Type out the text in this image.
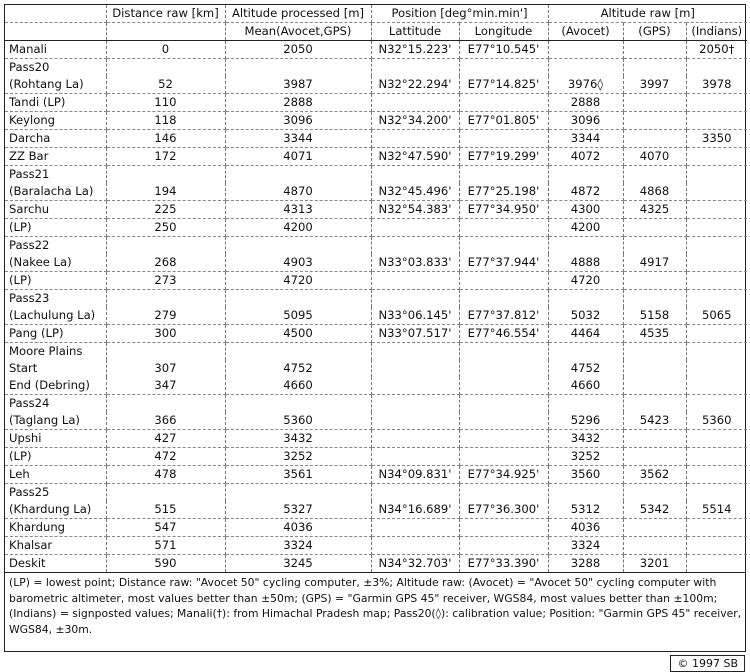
	Distance raw [km]	Altitude processed [m]	Position [deg°min.min']		Altitude raw [m]		
		Mean(Avocet,GPS)	Lattitude	Longitude	(Avocet)	(GPS)	(Indians)
Manali	0	2050	N32°15.223'	E77°10.545'			2050†
Pass20							
(Rohtang La)	52	3987	N32°22.294'	E77°14.825'	3976◊	3997	3978
Tandi (LP)	110	2888			2888		
Keylong	118	3096	N32°34.200'	E77°01.805'	3096		
Darcha	146	3344			3344		3350
ZZ Bar	172	4071	N32°47.590'	E77°19.299'	4072	4070	
Pass21							
(Baralacha La)	194	4870	N32°45.496'	E77°25.198'	4872	4868	
Sarchu	225	4313	N32°54.383'	E77°34.950'	4300	4325	
(LP)	250	4200			4200		
Pass22							
(Nakee La)	268	4903	N33°03.833'	E77°37.944'	4888	4917	
(LP)	273	4720			4720		
Pass23							
(Lachulung La)	279	5095	N33°06.145'	E77°37.812'	5032	5158	5065
Pang (LP)	300	4500	N33°07.517'	E77°46.554'	4464	4535	
Moore Plains							
Start	307	4752			4752		
End (Debring)	347	4660			4660		
Pass24							
(Taglang La)	366	5360			5296	5423	5360
Upshi	427	3432			3432		
(LP)	472	3252			3252		
Leh	478	3561	N34°09.831'	E77°34.925'	3560	3562	
Pass25							
(Khardung La)	515	5327	N34°16.689'	E77°36.300'	5312	5342	5514
Khardung	547	4036			4036		
Khalsar	571	3324			3324		
Deskit	590	3245	N34°32.703'	E77°33.390'	3288	3201	
(LP) = lowest point; Distance raw: "Avocet 50" cycling computer, ±3%; Altitude raw: (Avocet) = "Avocet 50" cycling computer with
barometric altimeter, most values better than ±50m; (GPS) = "Garmin GPS 45" receiver, WGS84, most values better than ±100m;
(Indians) = signposted values; Manali(†): from Himachal Pradesh map; Pass20(◊): calibration value; Position: "Garmin GPS 45" receiver,
WGS84, ±30m.
© 1997 SB
